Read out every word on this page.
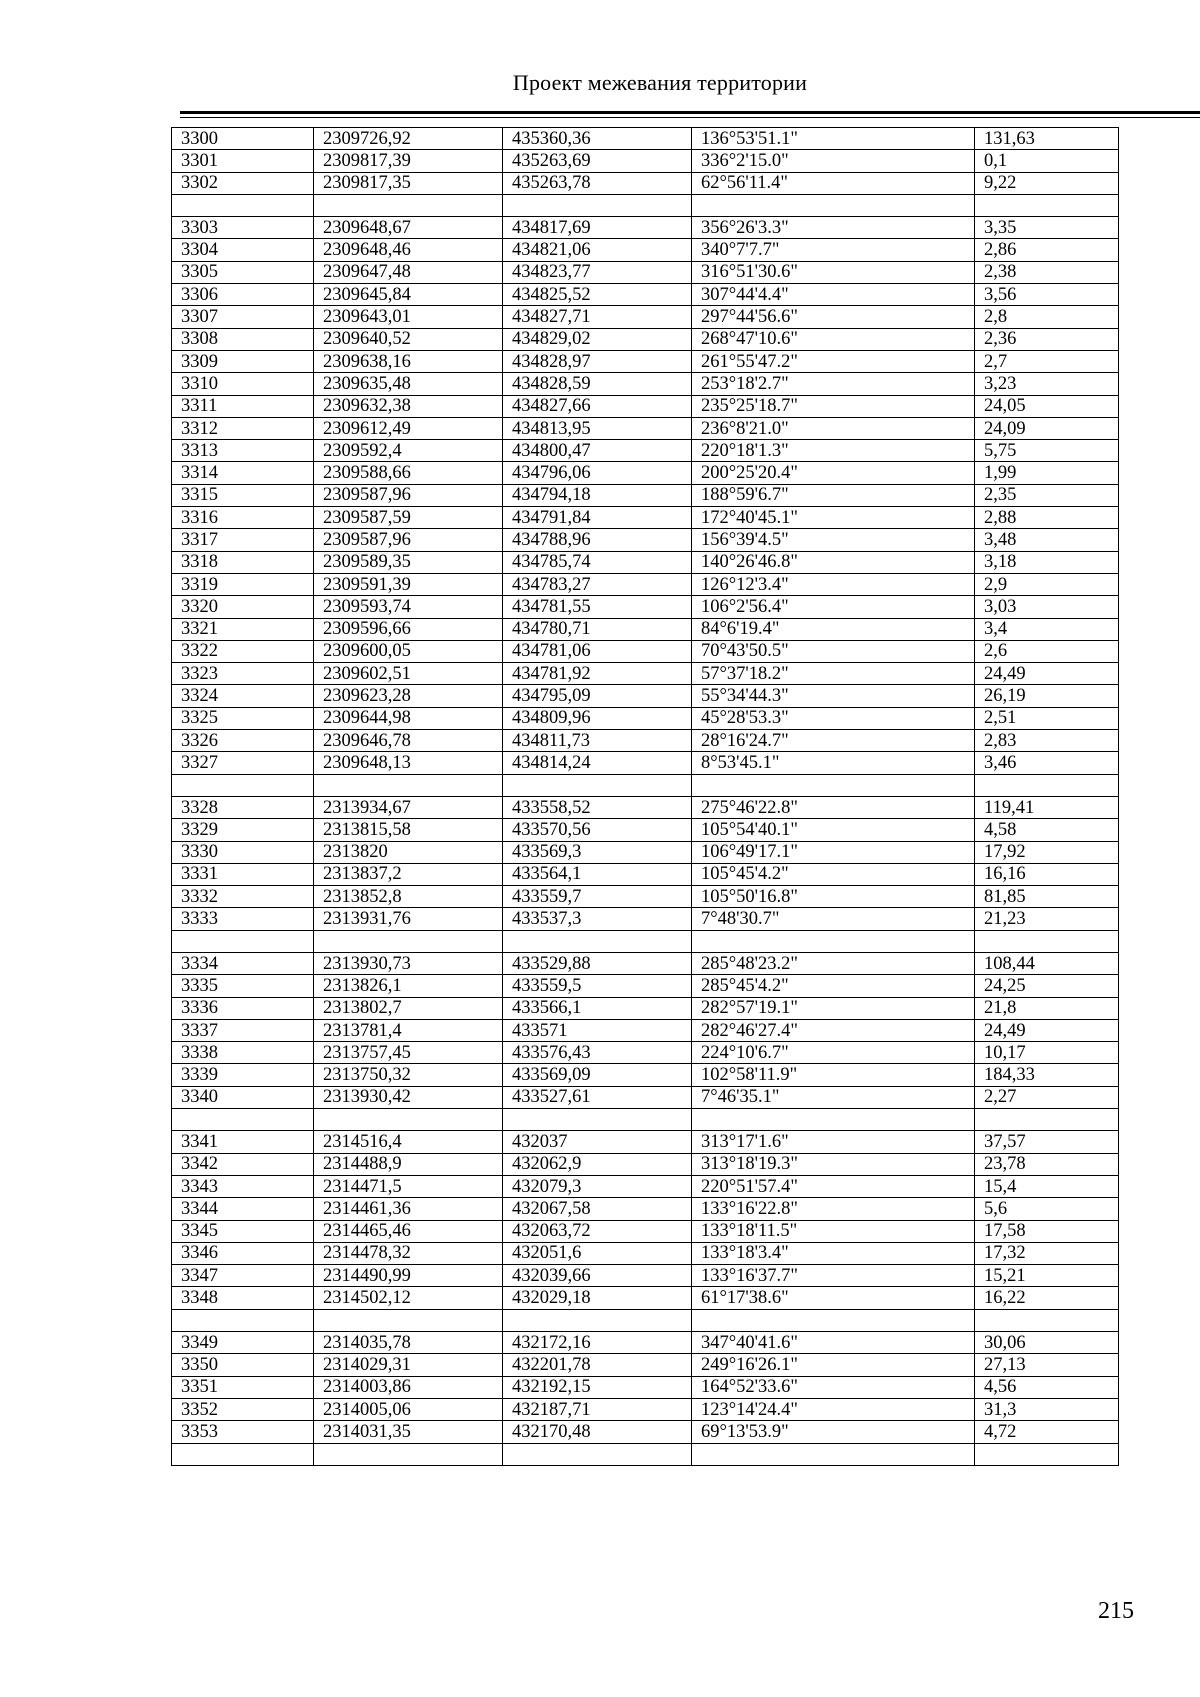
Проект межевания территории
3300	2309726,92	435360,36	136°53'51.1"	131,63
3301	2309817,39	435263,69	336°2'15.0"	0,1
3302	2309817,35	435263,78	62°56'11.4"	9,22

3303	2309648,67	434817,69	356°26'3.3"	3,35
3304	2309648,46	434821,06	340°7'7.7"	2,86
3305	2309647,48	434823,77	316°51'30.6"	2,38
3306	2309645,84	434825,52	307°44'4.4"	3,56
3307	2309643,01	434827,71	297°44'56.6"	2,8
3308	2309640,52	434829,02	268°47'10.6"	2,36
3309	2309638,16	434828,97	261°55'47.2"	2,7
3310	2309635,48	434828,59	253°18'2.7"	3,23
3311	2309632,38	434827,66	235°25'18.7"	24,05
3312	2309612,49	434813,95	236°8'21.0"	24,09
3313	2309592,4	434800,47	220°18'1.3"	5,75
3314	2309588,66	434796,06	200°25'20.4"	1,99
3315	2309587,96	434794,18	188°59'6.7"	2,35
3316	2309587,59	434791,84	172°40'45.1"	2,88
3317	2309587,96	434788,96	156°39'4.5"	3,48
3318	2309589,35	434785,74	140°26'46.8"	3,18
3319	2309591,39	434783,27	126°12'3.4"	2,9
3320	2309593,74	434781,55	106°2'56.4"	3,03
3321	2309596,66	434780,71	84°6'19.4"	3,4
3322	2309600,05	434781,06	70°43'50.5"	2,6
3323	2309602,51	434781,92	57°37'18.2"	24,49
3324	2309623,28	434795,09	55°34'44.3"	26,19
3325	2309644,98	434809,96	45°28'53.3"	2,51
3326	2309646,78	434811,73	28°16'24.7"	2,83
3327	2309648,13	434814,24	8°53'45.1"	3,46

3328	2313934,67	433558,52	275°46'22.8"	119,41
3329	2313815,58	433570,56	105°54'40.1"	4,58
3330	2313820	433569,3	106°49'17.1"	17,92
3331	2313837,2	433564,1	105°45'4.2"	16,16
3332	2313852,8	433559,7	105°50'16.8"	81,85
3333	2313931,76	433537,3	7°48'30.7"	21,23

3334	2313930,73	433529,88	285°48'23.2"	108,44
3335	2313826,1	433559,5	285°45'4.2"	24,25
3336	2313802,7	433566,1	282°57'19.1"	21,8
3337	2313781,4	433571	282°46'27.4"	24,49
3338	2313757,45	433576,43	224°10'6.7"	10,17
3339	2313750,32	433569,09	102°58'11.9"	184,33
3340	2313930,42	433527,61	7°46'35.1"	2,27

3341	2314516,4	432037	313°17'1.6"	37,57
3342	2314488,9	432062,9	313°18'19.3"	23,78
3343	2314471,5	432079,3	220°51'57.4"	15,4
3344	2314461,36	432067,58	133°16'22.8"	5,6
3345	2314465,46	432063,72	133°18'11.5"	17,58
3346	2314478,32	432051,6	133°18'3.4"	17,32
3347	2314490,99	432039,66	133°16'37.7"	15,21
3348	2314502,12	432029,18	61°17'38.6"	16,22

3349	2314035,78	432172,16	347°40'41.6"	30,06
3350	2314029,31	432201,78	249°16'26.1"	27,13
3351	2314003,86	432192,15	164°52'33.6"	4,56
3352	2314005,06	432187,71	123°14'24.4"	31,3
3353	2314031,35	432170,48	69°13'53.9"	4,72

215
